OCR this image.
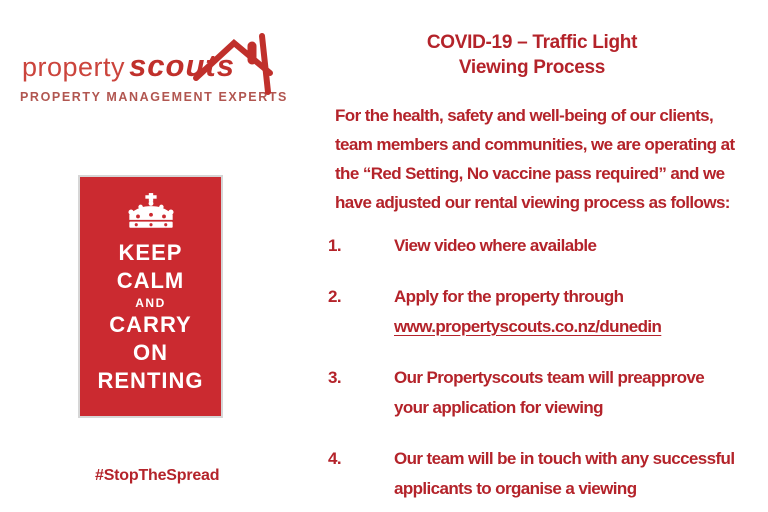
property scouts
PROPERTY MANAGEMENT EXPERTS
KEEP
CALM
AND
CARRY
ON
RENTING
#StopTheSpread
COVID-19 – Traffic Light
Viewing Process
For the health, safety and well-being of our clients,
team members and communities, we are operating at
the “Red Setting, No vaccine pass required” and we
have adjusted our rental viewing process as follows:
1.	View video where available
2.	Apply for the property through
www.propertyscouts.co.nz/dunedin
3.	Our Propertyscouts team will preapprove
your application for viewing
4.	Our team will be in touch with any successful
applicants to organise a viewing
